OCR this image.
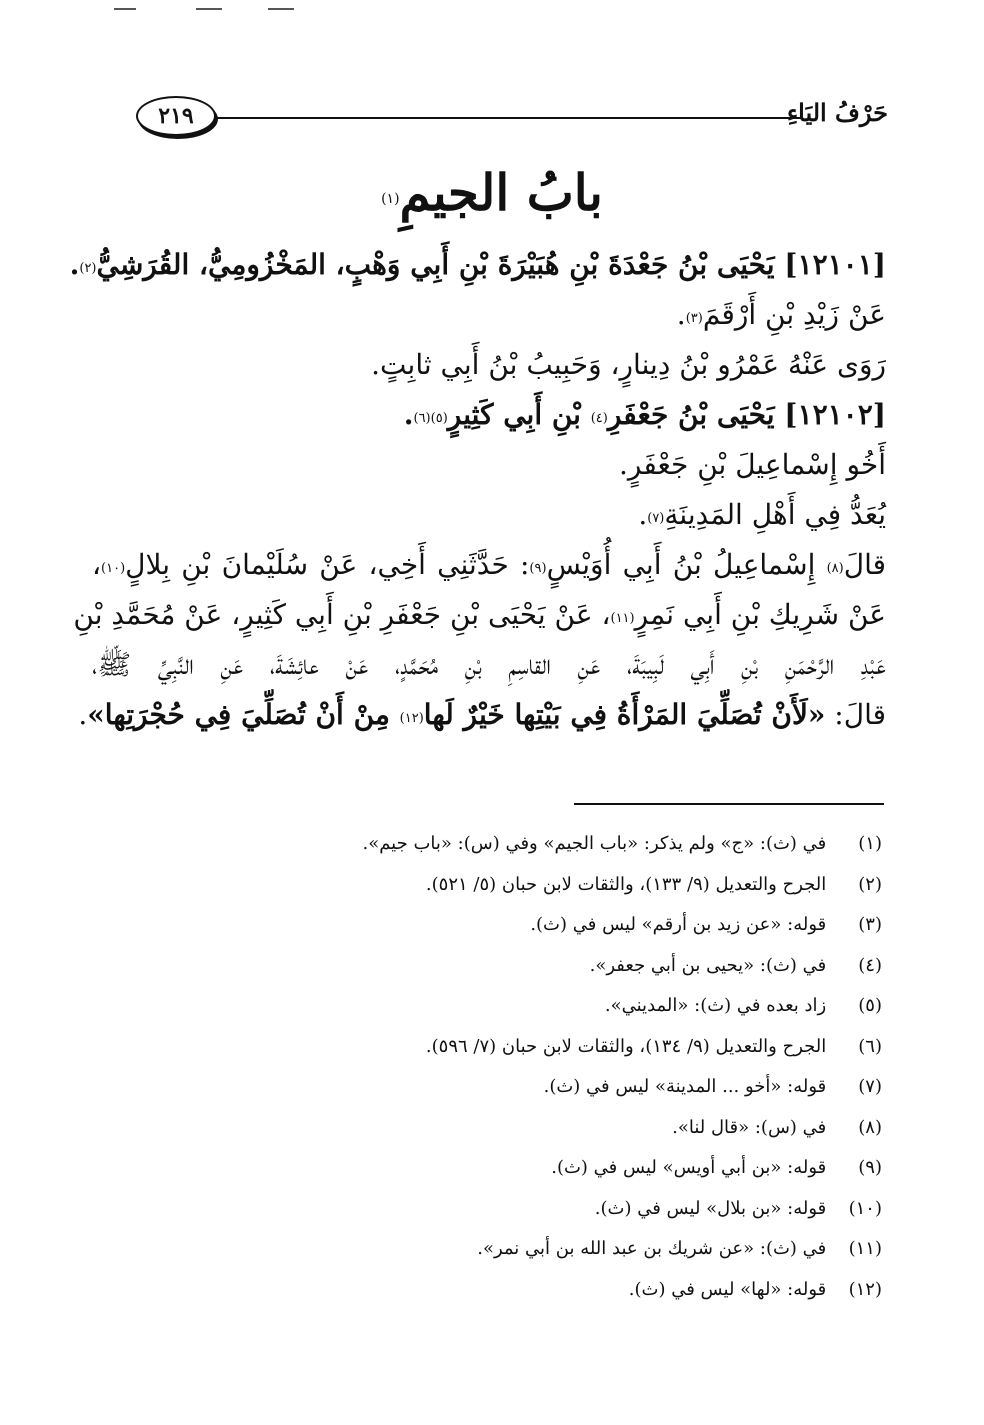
٢١٩	حَرْفُ اليَاءِ
بابُ الجيمِ$^{(١)}$
[١٢١٠١] يَحْيَى بْنُ جَعْدَةَ بْنِ هُبَيْرَةَ بْنِ أَبِي وَهْبٍ، المَخْزُومِيُّ، القُرَشِيُّ$^{(٢)}$.
عَنْ زَيْدِ بْنِ أَرْقَمَ$^{(٣)}$.
رَوَى عَنْهُ عَمْرُو بْنُ دِينارٍ، وَحَبِيبُ بْنُ أَبِي ثابِتٍ.
[١٢١٠٢] يَحْيَى بْنُ جَعْفَرِ$^{(٤)}$ بْنِ أَبِي كَثِيرٍ$^{(٥)(٦)}$.
أَخُو إِسْماعِيلَ بْنِ جَعْفَرٍ.
يُعَدُّ فِي أَهْلِ المَدِينَةِ$^{(٧)}$.
قالَ$^{(٨)}$ إِسْماعِيلُ بْنُ أَبِي أُوَيْسٍ$^{(٩)}$: حَدَّثَنِي أَخِي، عَنْ سُلَيْمانَ بْنِ بِلالٍ$^{(١٠)}$،
عَنْ شَرِيكِ بْنِ أَبِي نَمِرٍ$^{(١١)}$، عَنْ يَحْيَى بْنِ جَعْفَرِ بْنِ أَبِي كَثِيرٍ، عَنْ مُحَمَّدِ بْنِ
عَبْدِ الرَّحْمَنِ بْنِ أَبِي لَبِيبَةَ، عَنِ القاسِمِ بْنِ مُحَمَّدٍ، عَنْ عائِشَةَ، عَنِ النَّبِيِّ ﷺ،
قالَ: «لَأَنْ تُصَلِّيَ المَرْأَةُ فِي بَيْتِها خَيْرٌ لَها$^{(١٢)}$ مِنْ أَنْ تُصَلِّيَ فِي حُجْرَتِها».
(١) في (ث): «ج» ولم يذكر: «باب الجيم» وفي (س): «باب جيم».
(٢) الجرح والتعديل (٩/ ١٣٣)، والثقات لابن حبان (٥/ ٥٢١).
(٣) قوله: «عن زيد بن أرقم» ليس في (ث).
(٤) في (ث): «يحيى بن أبي جعفر».
(٥) زاد بعده في (ث): «المديني».
(٦) الجرح والتعديل (٩/ ١٣٤)، والثقات لابن حبان (٧/ ٥٩٦).
(٧) قوله: «أخو ... المدينة» ليس في (ث).
(٨) في (س): «قال لنا».
(٩) قوله: «بن أبي أويس» ليس في (ث).
(١٠) قوله: «بن بلال» ليس في (ث).
(١١) في (ث): «عن شريك بن عبد الله بن أبي نمر».
(١٢) قوله: «لها» ليس في (ث).
